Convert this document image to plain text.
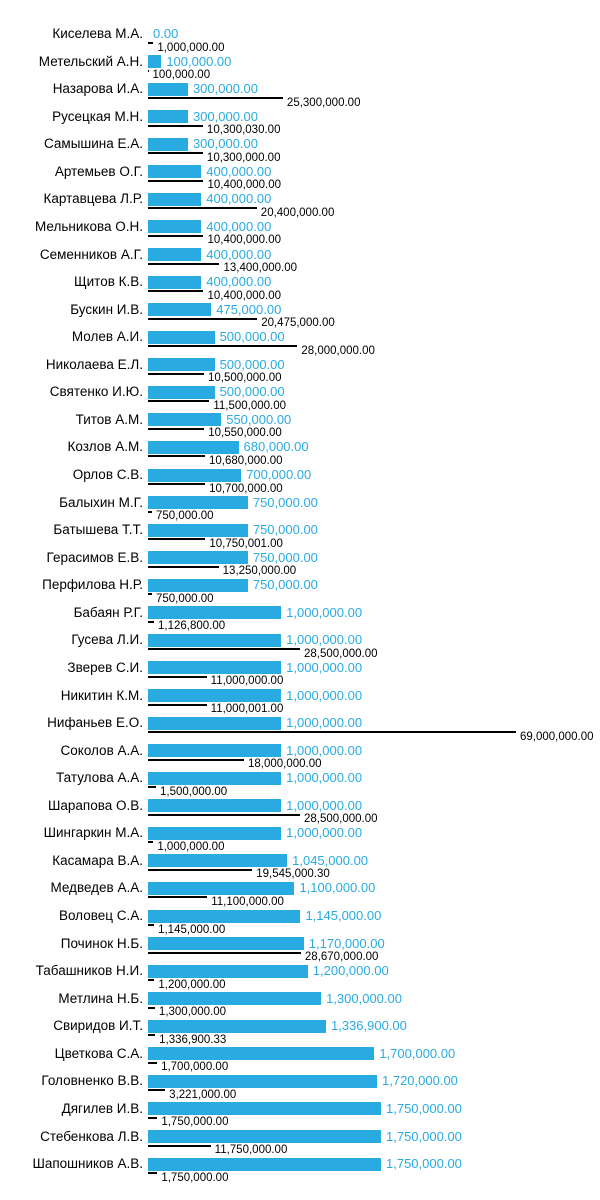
Киселева М.А. 0.00
1,000,000.00
Метельский А.Н. 100,000.00
100,000.00
Назарова И.А.	300,000.00
25,300,000.00
Русецкая М.Н.	300,000.00
10,300,030.00
Самышина Е.А.	300,000.00
10,300,000.00
Артемьев О.Г.	400,000.00
10,400,000.00
Картавцева Л.Р.	400,000.00
20,400,000.00
Мельникова О.Н.	400,000.00
10,400,000.00
Семенников А.Г.	400,000.00
13,400,000.00
Щитов К.В.	400,000.00
10,400,000.00
Бускин И.В.	475,000.00
20,475,000.00
Молев А.И.	500,000.00
28,000,000.00
Николаева Е.Л.	500,000.00
10,500,000.00
Святенко И.Ю.	500,000.00
11,500,000.00
Титов А.М.	550,000.00
10,550,000.00
Козлов А.М.	680,000.00
10,680,000.00
Орлов С.В.	700,000.00
10,700,000.00
Балыхин М.Г.	750,000.00
750,000.00
Батышева Т.Т.	750,000.00
10,750,001.00
Герасимов Е.В.	750,000.00
13,250,000.00
Перфилова Н.Р.	750,000.00
750,000.00
Бабаян Р.Г.	1,000,000.00
1,126,800.00
Гусева Л.И.	1,000,000.00
28,500,000.00
Зверев С.И.	1,000,000.00
11,000,000.00
Никитин К.М.	1,000,000.00
11,000,001.00
Нифаньев Е.О.	1,000,000.00
69,000,000.00
Соколов А.А.	1,000,000.00
18,000,000.00
Татулова А.А.	1,000,000.00
1,500,000.00
Шарапова О.В.	1,000,000.00
28,500,000.00
Шингаркин М.А.	1,000,000.00
1,000,000.00
Касамара В.А.	1,045,000.00
19,545,000.30
Медведев А.А.	1,100,000.00
11,100,000.00
Воловец С.А.	1,145,000.00
1,145,000.00
Починок Н.Б.	1,170,000.00
28,670,000.00
Табашников Н.И.	1,200,000.00
1,200,000.00
Метлина Н.Б.	1,300,000.00
1,300,000.00
Свиридов И.Т.	1,336,900.00
1,336,900.33
Цветкова С.А.	1,700,000.00
1,700,000.00
Головненко В.В.	1,720,000.00
3,221,000.00
Дягилев И.В.	1,750,000.00
1,750,000.00
Стебенкова Л.В.	1,750,000.00
11,750,000.00
Шапошников А.В.	1,750,000.00
1,750,000.00
